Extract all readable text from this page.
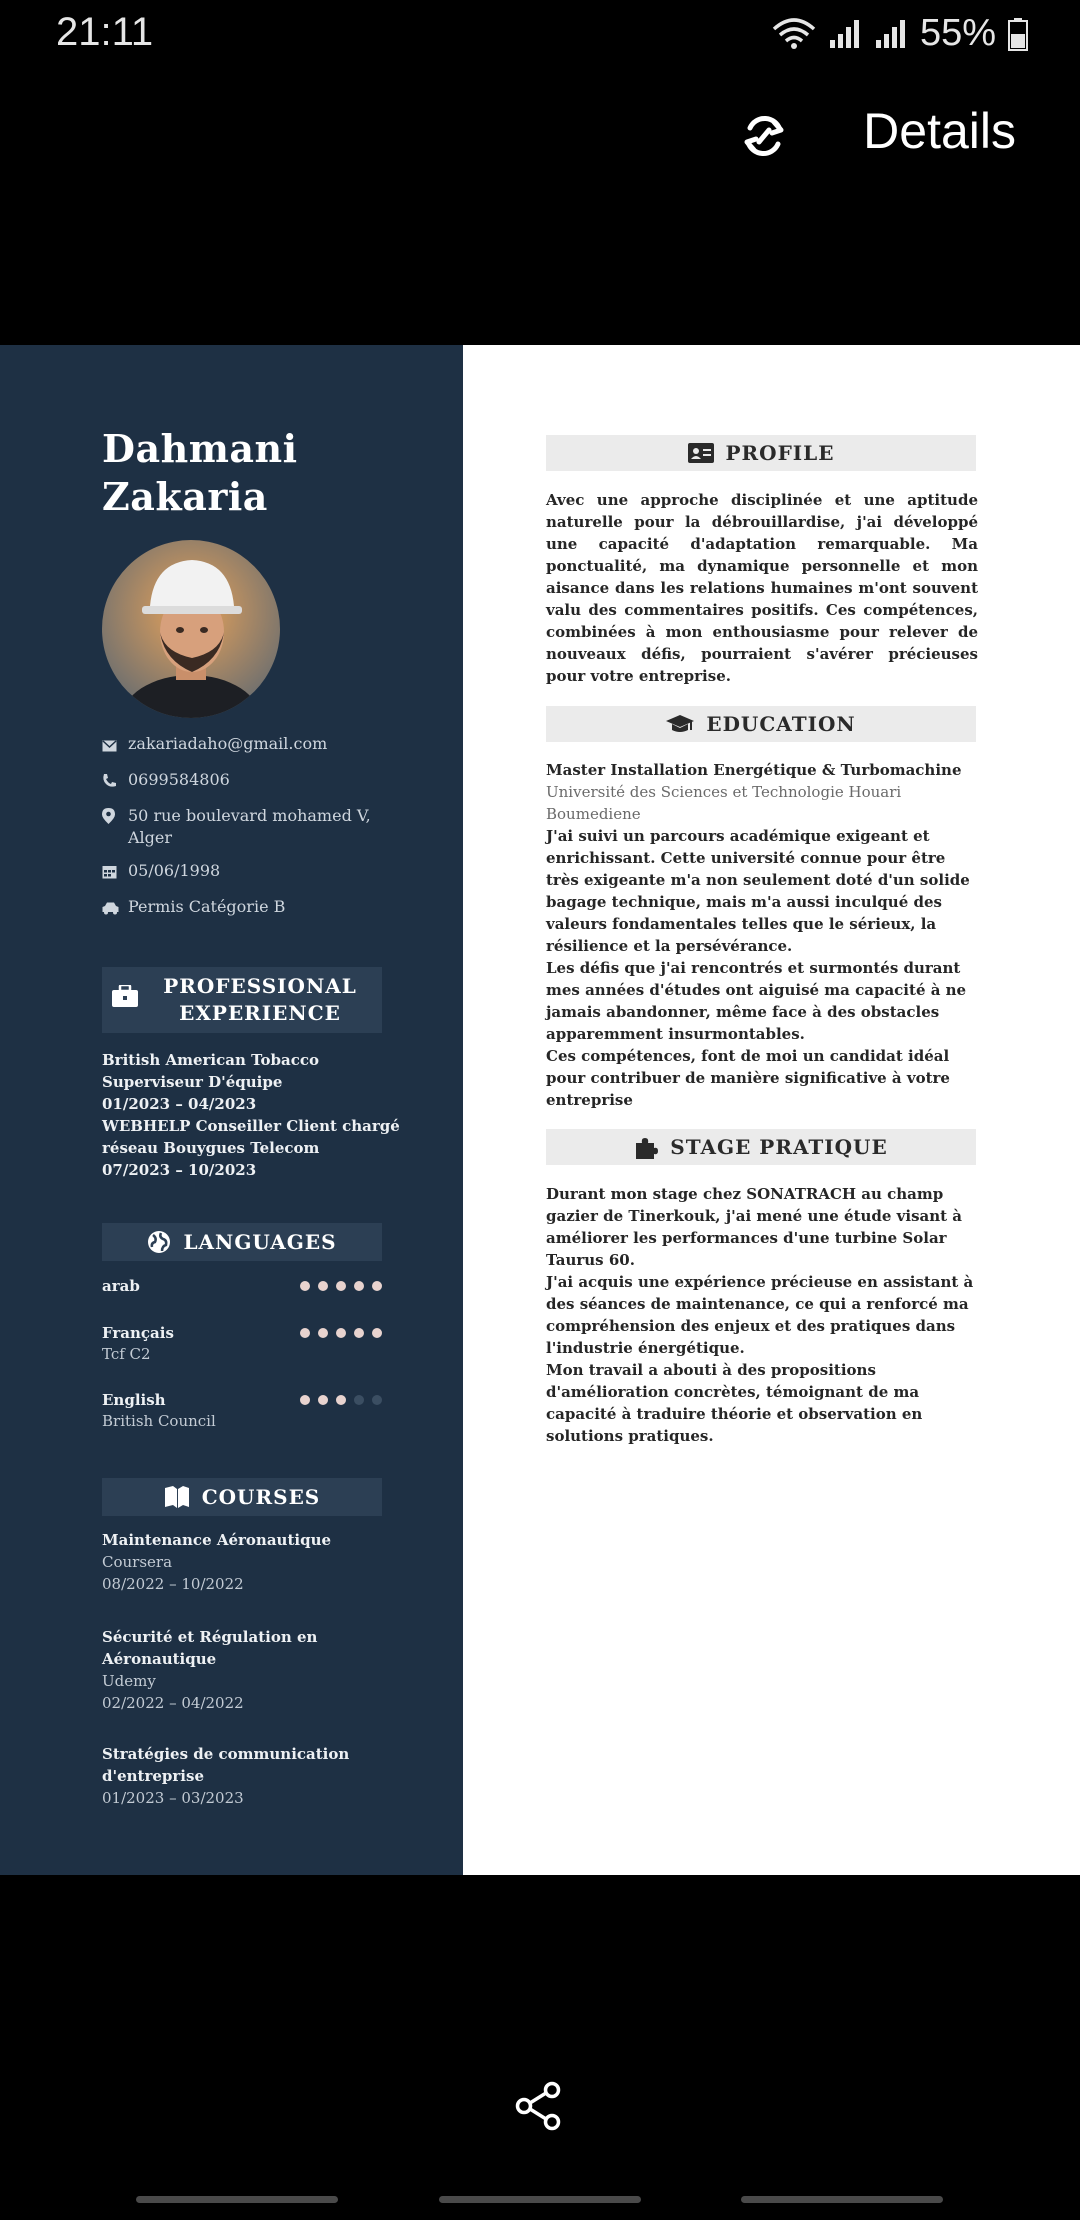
21:11	55%
Details
Dahmani
Zakaria
zakariadaho@gmail.com
0699584806
50 rue boulevard mohamed V, Alger
05/06/1998
Permis Catégorie B
PROFESSIONAL EXPERIENCE
British American Tobacco
Superviseur D'équipe
01/2023 – 04/2023
WEBHELP Conseiller Client chargé réseau Bouygues Telecom
07/2023 – 10/2023
LANGUAGES
arab
Français
Tcf C2
English
British Council
COURSES
Maintenance Aéronautique
Coursera
08/2022 – 10/2022
Sécurité et Régulation en Aéronautique
Udemy
02/2022 – 04/2022
Stratégies de communication d'entreprise
01/2023 – 03/2023
PROFILE
Avec une approche disciplinée et une aptitude naturelle pour la débrouillardise, j'ai développé une capacité d'adaptation remarquable. Ma ponctualité, ma dynamique personnelle et mon aisance dans les relations humaines m'ont souvent valu des commentaires positifs. Ces compétences, combinées à mon enthousiasme pour relever de nouveaux défis, pourraient s'avérer précieuses pour votre entreprise.
EDUCATION
Master Installation Energétique & Turbomachine
Université des Sciences et Technologie Houari Boumediene
J'ai suivi un parcours académique exigeant et enrichissant. Cette université connue pour être très exigeante m'a non seulement doté d'un solide bagage technique, mais m'a aussi inculqué des valeurs fondamentales telles que le sérieux, la résilience et la persévérance.
Les défis que j'ai rencontrés et surmontés durant mes années d'études ont aiguisé ma capacité à ne jamais abandonner, même face à des obstacles apparemment insurmontables.
Ces compétences, font de moi un candidat idéal pour contribuer de manière significative à votre entreprise
STAGE PRATIQUE
Durant mon stage chez SONATRACH au champ gazier de Tinerkouk, j'ai mené une étude visant à améliorer les performances d'une turbine Solar Taurus 60.
J'ai acquis une expérience précieuse en assistant à des séances de maintenance, ce qui a renforcé ma compréhension des enjeux et des pratiques dans l'industrie énergétique.
Mon travail a abouti à des propositions d'amélioration concrètes, témoignant de ma capacité à traduire théorie et observation en solutions pratiques.
